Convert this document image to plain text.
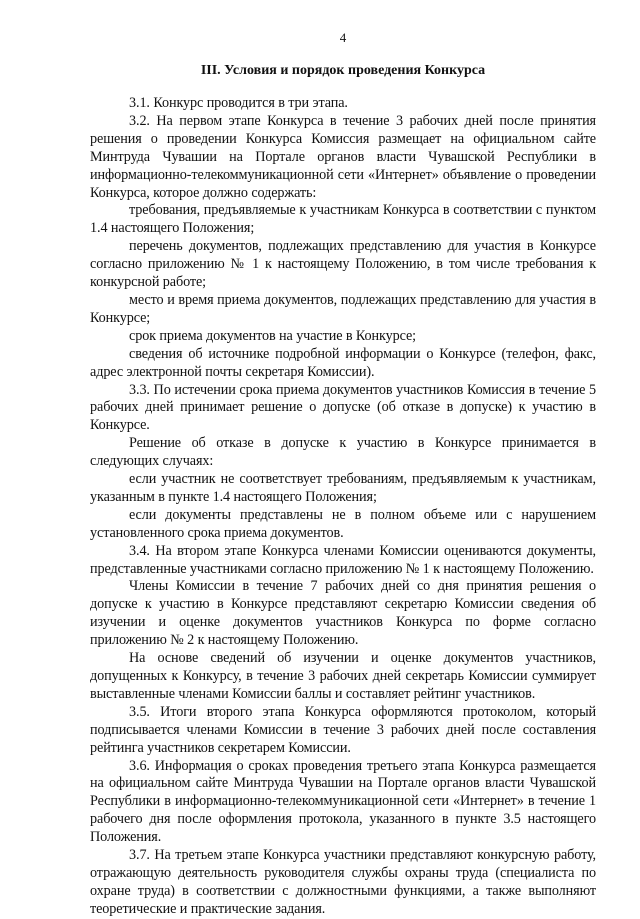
4
III. Условия и порядок проведения Конкурса

3.1. Конкурс проводится в три этапа.

3.2. На первом этапе Конкурса в течение 3 рабочих дней после принятия решения о проведении Конкурса Комиссия размещает на официальном сайте Минтруда Чувашии на Портале органов власти Чувашской Республики в информационно-телекоммуникационной сети «Интернет» объявление о проведении Конкурса, которое должно содержать:

требования, предъявляемые к участникам Конкурса в соответствии с пунктом 1.4 настоящего Положения;

перечень документов, подлежащих представлению для участия в Конкурсе согласно приложению № 1 к настоящему Положению, в том числе требования к конкурсной работе;

место и время приема документов, подлежащих представлению для участия в Конкурсе;

срок приема документов на участие в Конкурсе;

сведения об источнике подробной информации о Конкурсе (телефон, факс, адрес электронной почты секретаря Комиссии).

3.3. По истечении срока приема документов участников Комиссия в течение 5 рабочих дней принимает решение о допуске (об отказе в допуске) к участию в Конкурсе.

Решение об отказе в допуске к участию в Конкурсе принимается в следующих случаях:

если участник не соответствует требованиям, предъявляемым к участникам, указанным в пункте 1.4 настоящего Положения;

если документы представлены не в полном объеме или с нарушением установленного срока приема документов.

3.4. На втором этапе Конкурса членами Комиссии оцениваются документы, представленные участниками согласно приложению № 1 к настоящему Положению.

Члены Комиссии в течение 7 рабочих дней со дня принятия решения о допуске к участию в Конкурсе представляют секретарю Комиссии сведения об изучении и оценке документов участников Конкурса по форме согласно приложению № 2 к настоящему Положению.

На основе сведений об изучении и оценке документов участников, допущенных к Конкурсу, в течение 3 рабочих дней секретарь Комиссии суммирует выставленные членами Комиссии баллы и составляет рейтинг участников.

3.5. Итоги второго этапа Конкурса оформляются протоколом, который подписывается членами Комиссии в течение 3 рабочих дней после составления рейтинга участников секретарем Комиссии.

3.6. Информация о сроках проведения третьего этапа Конкурса размещается на официальном сайте Минтруда Чувашии на Портале органов власти Чувашской Республики в информационно-телекоммуникационной сети «Интернет» в течение 1 рабочего дня после оформления протокола, указанного в пункте 3.5 настоящего Положения.

3.7. На третьем этапе Конкурса участники представляют конкурсную работу, отражающую деятельность руководителя службы охраны труда (специалиста по охране труда) в соответствии с должностными функциями, а также выполняют теоретические и практические задания.
